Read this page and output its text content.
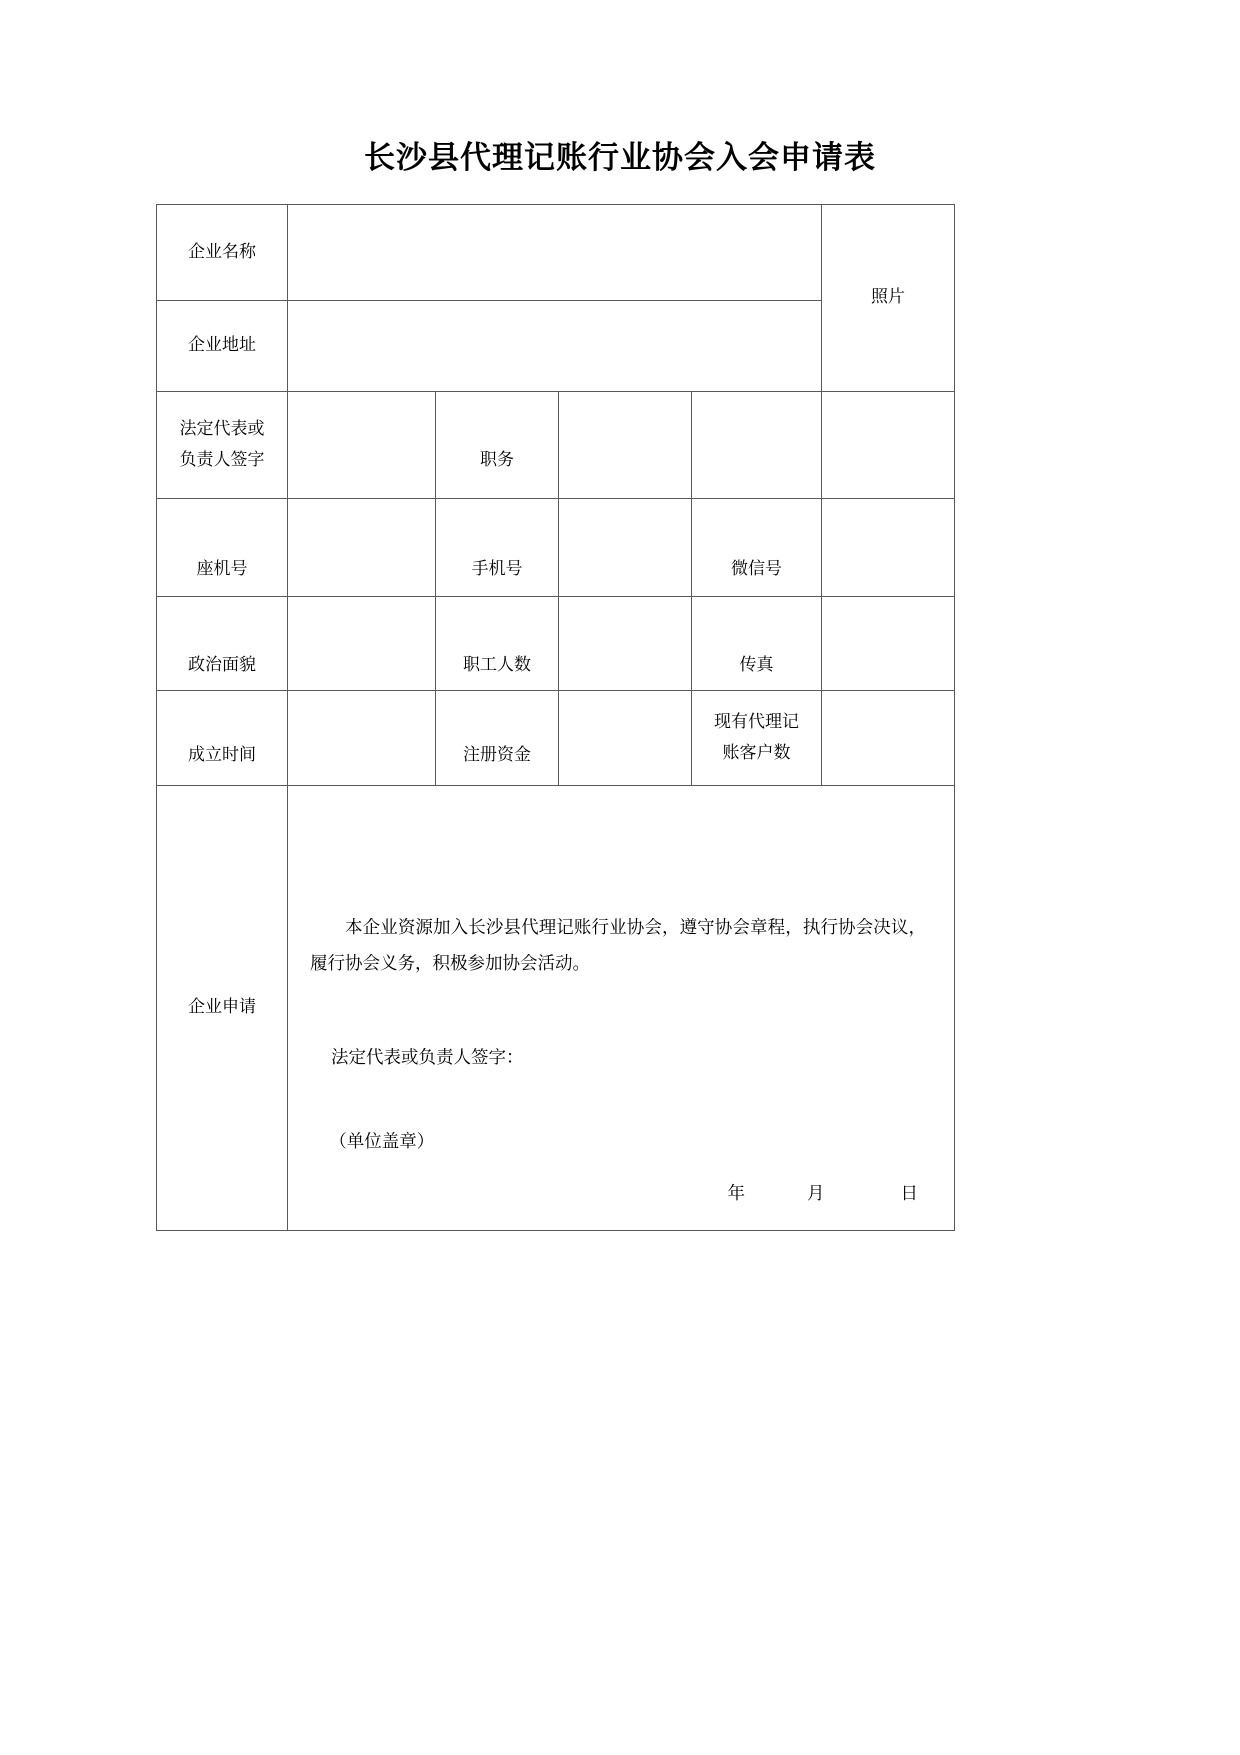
长沙县代理记账行业协会入会申请表
企业名称					照片
企业地址					

法定代表或
负责人签字		职务			
座机号		手机号		微信号	
政治面貌		职工人数		传真	
成立时间		注册资金		现有代理记
账客户数	

企业申请	本企业资源加入长沙县代理记账行业协会，遵守协会章程，执行协会决议，履行协会义务，积极参加协会活动。

法定代表或负责人签字：

（单位盖章）

年 月 日				
